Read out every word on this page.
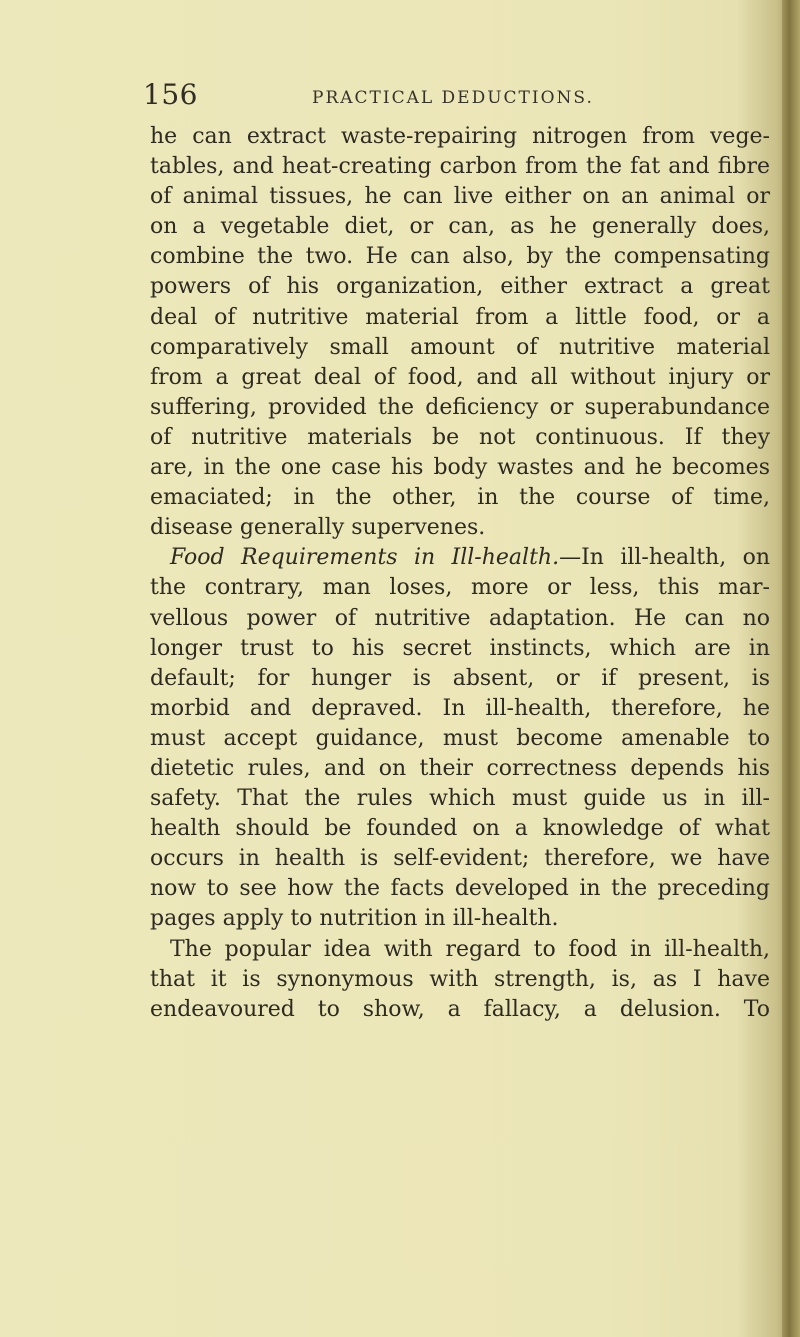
156	PRACTICAL DEDUCTIONS.
he can extract waste-repairing nitrogen from vege-
tables, and heat-creating carbon from the fat and fibre
of animal tissues, he can live either on an animal or
on a vegetable diet, or can, as he generally does,
combine the two. He can also, by the compensating
powers of his organization, either extract a great
deal of nutritive material from a little food, or a
comparatively small amount of nutritive material
from a great deal of food, and all without injury or
suffering, provided the deficiency or superabundance
of nutritive materials be not continuous. If they
are, in the one case his body wastes and he becomes
emaciated; in the other, in the course of time,
disease generally supervenes.
Food Requirements in Ill-health.—In ill-health, on
the contrary, man loses, more or less, this mar-
vellous power of nutritive adaptation. He can no
longer trust to his secret instincts, which are in
default; for hunger is absent, or if present, is
morbid and depraved. In ill-health, therefore, he
must accept guidance, must become amenable to
dietetic rules, and on their correctness depends his
safety. That the rules which must guide us in ill-
health should be founded on a knowledge of what
occurs in health is self-evident; therefore, we have
now to see how the facts developed in the preceding
pages apply to nutrition in ill-health.
The popular idea with regard to food in ill-health,
that it is synonymous with strength, is, as I have
endeavoured to show, a fallacy, a delusion. To
